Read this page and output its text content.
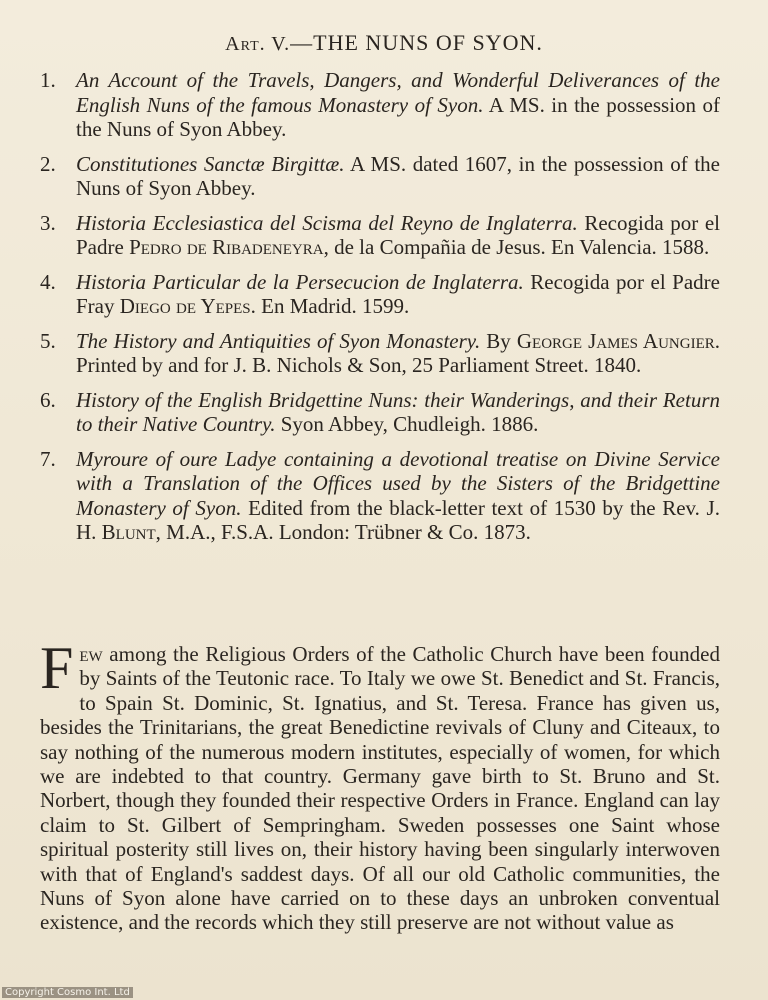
Art. V.—THE NUNS OF SYON.
1. An Account of the Travels, Dangers, and Wonderful Deliverances of the English Nuns of the famous Monastery of Syon. A MS. in the possession of the Nuns of Syon Abbey.
2. Constitutiones Sanctæ Birgittæ. A MS. dated 1607, in the possession of the Nuns of Syon Abbey.
3. Historia Ecclesiastica del Scisma del Reyno de Inglaterra. Recogida por el Padre Pedro de Ribadeneyra, de la Compañia de Jesus. En Valencia. 1588.
4. Historia Particular de la Persecucion de Inglaterra. Recogida por el Padre Fray Diego de Yepes. En Madrid. 1599.
5. The History and Antiquities of Syon Monastery. By George James Aungier. Printed by and for J. B. Nichols & Son, 25 Parliament Street. 1840.
6. History of the English Bridgettine Nuns: their Wanderings, and their Return to their Native Country. Syon Abbey, Chudleigh. 1886.
7. Myroure of oure Ladye containing a devotional treatise on Divine Service with a Translation of the Offices used by the Sisters of the Bridgettine Monastery of Syon. Edited from the black-letter text of 1530 by the Rev. J. H. Blunt, M.A., F.S.A. London: Trübner & Co. 1873.
Few among the Religious Orders of the Catholic Church have been founded by Saints of the Teutonic race. To Italy we owe St. Benedict and St. Francis, to Spain St. Dominic, St. Ignatius, and St. Teresa. France has given us, besides the Trinitarians, the great Benedictine revivals of Cluny and Citeaux, to say nothing of the numerous modern institutes, especially of women, for which we are indebted to that country. Germany gave birth to St. Bruno and St. Norbert, though they founded their respective Orders in France. England can lay claim to St. Gilbert of Sempringham. Sweden possesses one Saint whose spiritual posterity still lives on, their history having been singularly interwoven with that of England's saddest days. Of all our old Catholic communities, the Nuns of Syon alone have carried on to these days an unbroken conventual existence, and the records which they still preserve are not without value as
Copyright Cosmo Int. Ltd
